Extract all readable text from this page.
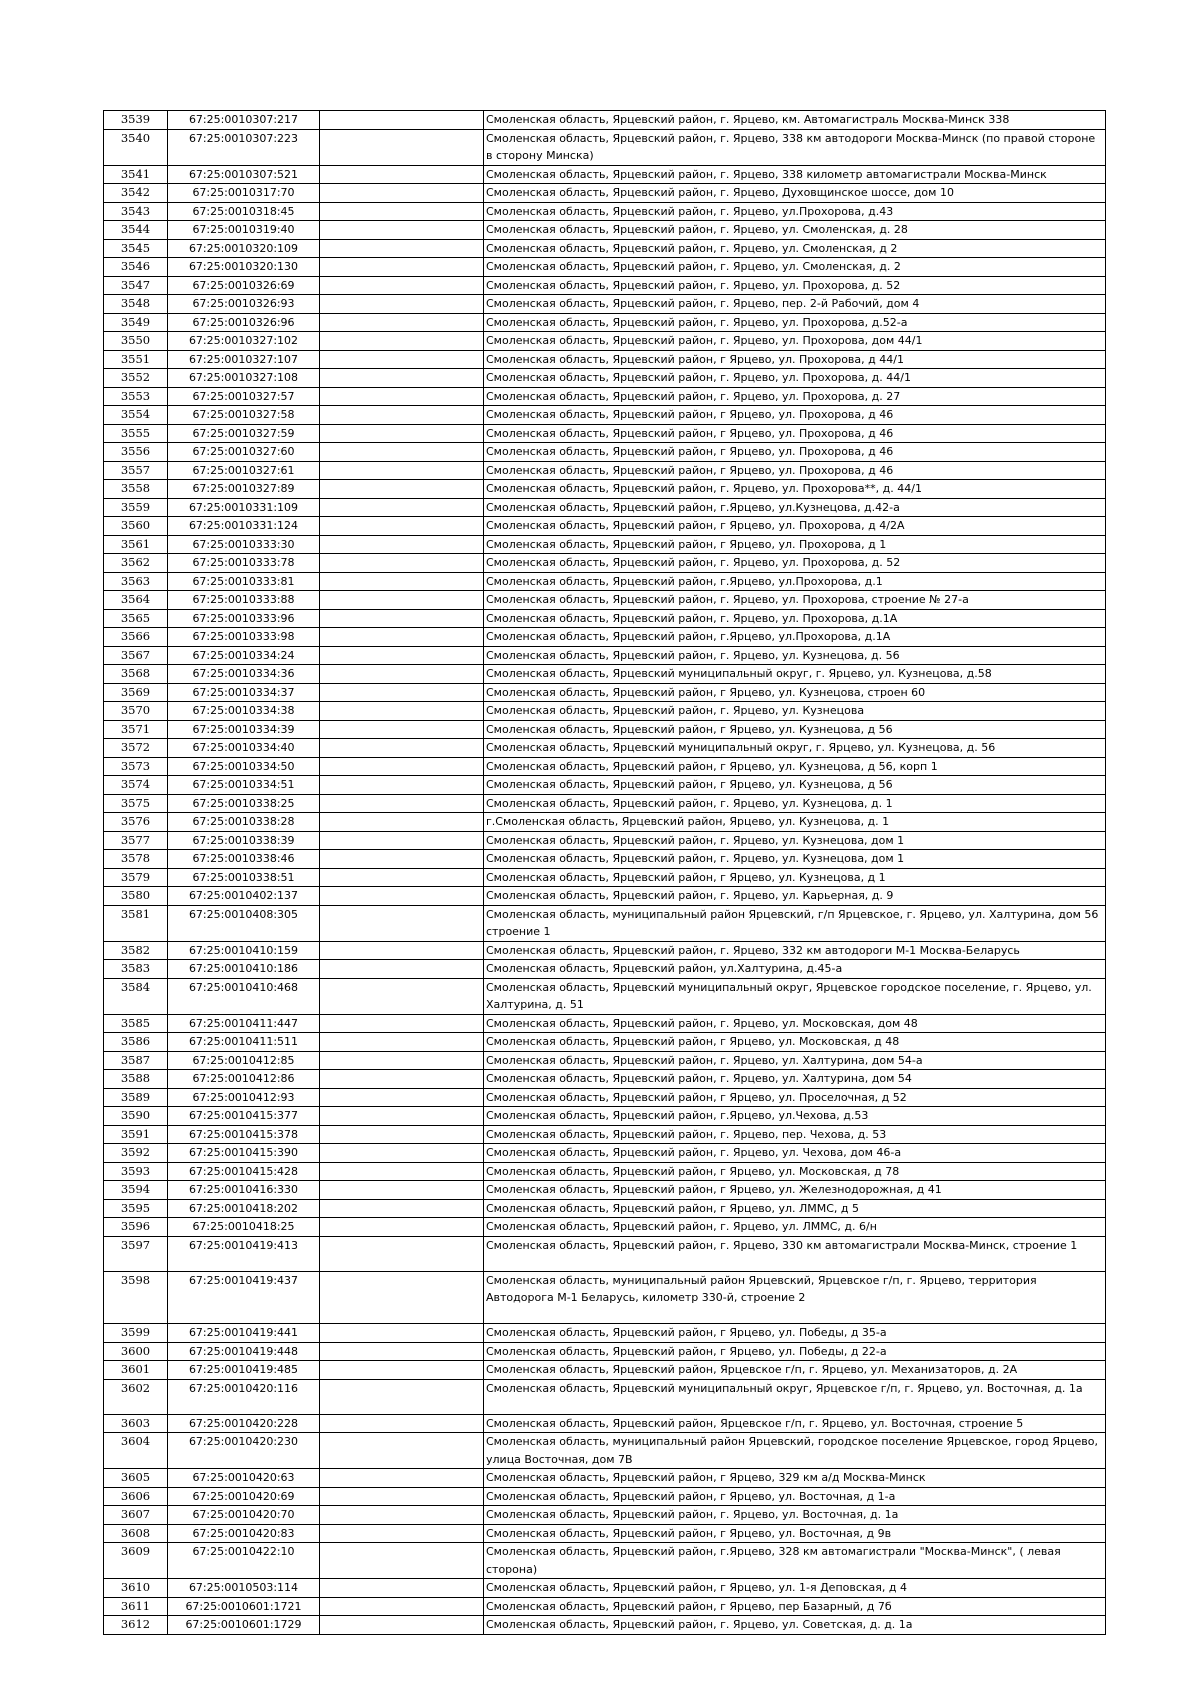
3539	67:25:0010307:217		Смоленская область, Ярцевский район, г. Ярцево, км. Автомагистраль Москва-Минск 338
3540	67:25:0010307:223		Смоленская область, Ярцевский район, г. Ярцево, 338 км автодороги Москва-Минск (по правой стороне в сторону Минска)
3541	67:25:0010307:521		Смоленская область, Ярцевский район, г. Ярцево, 338 километр автомагистрали Москва-Минск
3542	67:25:0010317:70		Смоленская область, Ярцевский район, г. Ярцево, Духовщинское шоссе, дом 10
3543	67:25:0010318:45		Смоленская область, Ярцевский район, г. Ярцево, ул.Прохорова, д.43
3544	67:25:0010319:40		Смоленская область, Ярцевский район, г. Ярцево, ул. Смоленская, д. 28
3545	67:25:0010320:109		Смоленская область, Ярцевский район, г. Ярцево, ул. Смоленская, д 2
3546	67:25:0010320:130		Смоленская область, Ярцевский район, г. Ярцево, ул. Смоленская, д. 2
3547	67:25:0010326:69		Смоленская область, Ярцевский район, г. Ярцево, ул. Прохорова, д. 52
3548	67:25:0010326:93		Смоленская область, Ярцевский район, г. Ярцево, пер. 2-й Рабочий, дом 4
3549	67:25:0010326:96		Смоленская область, Ярцевский район, г. Ярцево, ул. Прохорова, д.52-а
3550	67:25:0010327:102		Смоленская область, Ярцевский район, г. Ярцево, ул. Прохорова, дом 44/1
3551	67:25:0010327:107		Смоленская область, Ярцевский район, г Ярцево, ул. Прохорова, д 44/1
3552	67:25:0010327:108		Смоленская область, Ярцевский район, г. Ярцево, ул. Прохорова, д. 44/1
3553	67:25:0010327:57		Смоленская область, Ярцевский район, г. Ярцево, ул. Прохорова, д. 27
3554	67:25:0010327:58		Смоленская область, Ярцевский район, г Ярцево, ул. Прохорова, д 46
3555	67:25:0010327:59		Смоленская область, Ярцевский район, г Ярцево, ул. Прохорова, д 46
3556	67:25:0010327:60		Смоленская область, Ярцевский район, г Ярцево, ул. Прохорова, д 46
3557	67:25:0010327:61		Смоленская область, Ярцевский район, г Ярцево, ул. Прохорова, д 46
3558	67:25:0010327:89		Смоленская область, Ярцевский район, г. Ярцево, ул. Прохорова**, д. 44/1
3559	67:25:0010331:109		Смоленская область, Ярцевский район, г.Ярцево, ул.Кузнецова, д.42-а
3560	67:25:0010331:124		Смоленская область, Ярцевский район, г Ярцево, ул. Прохорова, д 4/2А
3561	67:25:0010333:30		Смоленская область, Ярцевский район, г Ярцево, ул. Прохорова, д 1
3562	67:25:0010333:78		Смоленская область, Ярцевский район, г. Ярцево, ул. Прохорова, д. 52
3563	67:25:0010333:81		Смоленская область, Ярцевский район, г.Ярцево, ул.Прохорова, д.1
3564	67:25:0010333:88		Смоленская область, Ярцевский район, г. Ярцево, ул. Прохорова, строение № 27-а
3565	67:25:0010333:96		Смоленская область, Ярцевский район, г. Ярцево, ул. Прохорова, д.1А
3566	67:25:0010333:98		Смоленская область, Ярцевский район, г.Ярцево, ул.Прохорова, д.1А
3567	67:25:0010334:24		Смоленская область, Ярцевский район, г. Ярцево, ул. Кузнецова, д. 56
3568	67:25:0010334:36		Смоленская область, Ярцевский муниципальный округ, г. Ярцево, ул. Кузнецова, д.58
3569	67:25:0010334:37		Смоленская область, Ярцевский район, г Ярцево, ул. Кузнецова, строен 60
3570	67:25:0010334:38		Смоленская область, Ярцевский район, г. Ярцево, ул. Кузнецова
3571	67:25:0010334:39		Смоленская область, Ярцевский район, г Ярцево, ул. Кузнецова, д 56
3572	67:25:0010334:40		Смоленская область, Ярцевский муниципальный округ, г. Ярцево, ул. Кузнецова, д. 56
3573	67:25:0010334:50		Смоленская область, Ярцевский район, г Ярцево, ул. Кузнецова, д 56, корп 1
3574	67:25:0010334:51		Смоленская область, Ярцевский район, г Ярцево, ул. Кузнецова, д 56
3575	67:25:0010338:25		Смоленская область, Ярцевский район, г. Ярцево, ул. Кузнецова, д. 1
3576	67:25:0010338:28		г.Смоленская область, Ярцевский район, Ярцево, ул. Кузнецова, д. 1
3577	67:25:0010338:39		Смоленская область, Ярцевский район, г. Ярцево, ул. Кузнецова, дом 1
3578	67:25:0010338:46		Смоленская область, Ярцевский район, г. Ярцево, ул. Кузнецова, дом 1
3579	67:25:0010338:51		Смоленская область, Ярцевский район, г Ярцево, ул. Кузнецова, д 1
3580	67:25:0010402:137		Смоленская область, Ярцевский район, г. Ярцево, ул. Карьерная, д. 9
3581	67:25:0010408:305		Смоленская область, муниципальный район Ярцевский, г/п Ярцевское, г. Ярцево, ул. Халтурина, дом 56 строение 1
3582	67:25:0010410:159		Смоленская область, Ярцевский район, г. Ярцево, 332 км автодороги М-1 Москва-Беларусь
3583	67:25:0010410:186		Смоленская область, Ярцевский район, ул.Халтурина, д.45-а
3584	67:25:0010410:468		Смоленская область, Ярцевский муниципальный округ, Ярцевское городское поселение, г. Ярцево, ул. Халтурина, д. 51
3585	67:25:0010411:447		Смоленская область, Ярцевский район, г. Ярцево, ул. Московская, дом 48
3586	67:25:0010411:511		Смоленская область, Ярцевский район, г Ярцево, ул. Московская, д 48
3587	67:25:0010412:85		Смоленская область, Ярцевский район, г. Ярцево, ул. Халтурина, дом 54-а
3588	67:25:0010412:86		Смоленская область, Ярцевский район, г. Ярцево, ул. Халтурина, дом 54
3589	67:25:0010412:93		Смоленская область, Ярцевский район, г Ярцево, ул. Проселочная, д 52
3590	67:25:0010415:377		Смоленская область, Ярцевский район, г.Ярцево, ул.Чехова, д.53
3591	67:25:0010415:378		Смоленская область, Ярцевский район, г. Ярцево, пер. Чехова, д. 53
3592	67:25:0010415:390		Смоленская область, Ярцевский район, г. Ярцево, ул. Чехова, дом 46-а
3593	67:25:0010415:428		Смоленская область, Ярцевский район, г Ярцево, ул. Московская, д 78
3594	67:25:0010416:330		Смоленская область, Ярцевский район, г Ярцево, ул. Железнодорожная, д 41
3595	67:25:0010418:202		Смоленская область, Ярцевский район, г Ярцево, ул. ЛММС, д 5
3596	67:25:0010418:25		Смоленская область, Ярцевский район, г. Ярцево, ул. ЛММС, д. 6/н
3597	67:25:0010419:413		Смоленская область, Ярцевский район, г. Ярцево, 330 км автомагистрали Москва-Минск, строение 1
3598	67:25:0010419:437		Смоленская область, муниципальный район Ярцевский, Ярцевское г/п, г. Ярцево, территория Автодорога М-1 Беларусь, километр 330-й, строение 2
3599	67:25:0010419:441		Смоленская область, Ярцевский район, г Ярцево, ул. Победы, д 35-а
3600	67:25:0010419:448		Смоленская область, Ярцевский район, г Ярцево, ул. Победы, д 22-а
3601	67:25:0010419:485		Смоленская область, Ярцевский район, Ярцевское г/п, г. Ярцево, ул. Механизаторов, д. 2А
3602	67:25:0010420:116		Смоленская область, Ярцевский муниципальный округ, Ярцевское г/п, г. Ярцево, ул. Восточная, д. 1а
3603	67:25:0010420:228		Смоленская область, Ярцевский район, Ярцевское г/п, г. Ярцево, ул. Восточная, строение 5
3604	67:25:0010420:230		Смоленская область, муниципальный район Ярцевский, городское поселение Ярцевское, город Ярцево, улица Восточная, дом 7В
3605	67:25:0010420:63		Смоленская область, Ярцевский район, г Ярцево, 329 км а/д Москва-Минск
3606	67:25:0010420:69		Смоленская область, Ярцевский район, г Ярцево, ул. Восточная, д 1-а
3607	67:25:0010420:70		Смоленская область, Ярцевский район, г. Ярцево, ул. Восточная, д. 1а
3608	67:25:0010420:83		Смоленская область, Ярцевский район, г Ярцево, ул. Восточная, д 9в
3609	67:25:0010422:10		Смоленская область, Ярцевский район, г.Ярцево, 328 км автомагистрали "Москва-Минск", ( левая сторона)
3610	67:25:0010503:114		Смоленская область, Ярцевский район, г Ярцево, ул. 1-я Деповская, д 4
3611	67:25:0010601:1721		Смоленская область, Ярцевский район, г Ярцево, пер Базарный, д 7б
3612	67:25:0010601:1729		Смоленская область, Ярцевский район, г. Ярцево, ул. Советская, д. д. 1а
